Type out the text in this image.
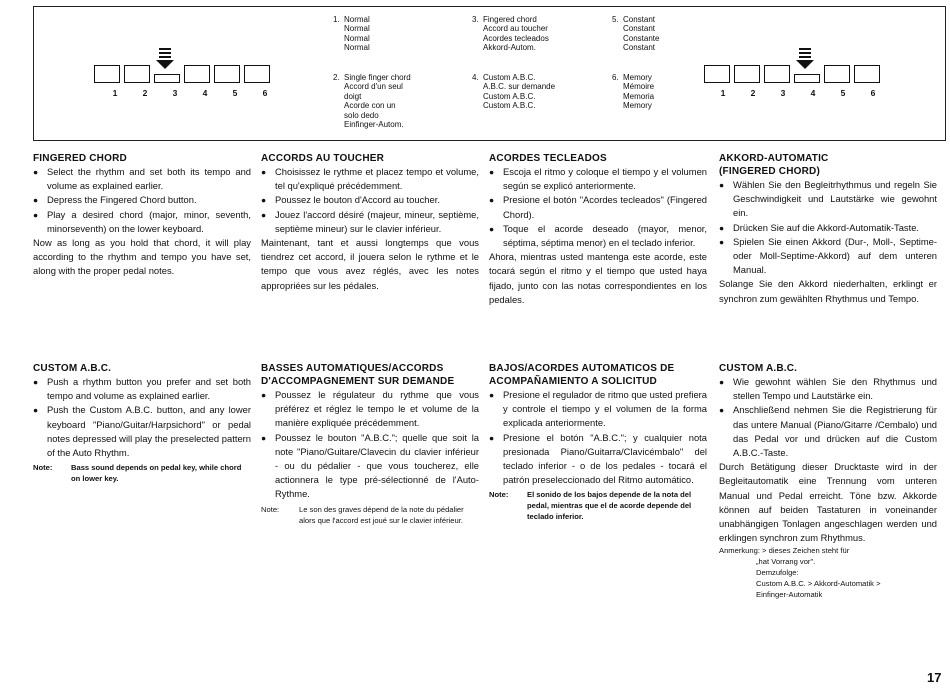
1	2	3	4	5	6	1	2	3	4	5	6
1. Normal
Normal
Normal
Normal
2. Single finger chord
Accord d'un seul
doigt
Acorde con un
solo dedo
Einfinger-Autom.
3. Fingered chord
Accord au toucher
Acordes tecleados
Akkord-Autom.
4. Custom A.B.C.
A.B.C. sur demande
Custom A.B.C.
Custom A.B.C.
5. Constant
Constant
Constante
Constant
6. Memory
Mémoire
Memoria
Memory
FINGERED CHORD
● Select the rhythm and set both its tempo and volume as explained earlier.
● Depress the Fingered Chord button.
● Play a desired chord (major, minor, seventh, minorseventh) on the lower keyboard.

Now as long as you hold that chord, it will play according to the rhythm and tempo you have set, along with the proper pedal notes.

ACCORDS AU TOUCHER
● Choisissez le rythme et placez tempo et volume, tel qu'expliqué précédemment.
● Poussez le bouton d'Accord au toucher.
● Jouez l'accord désiré (majeur, mineur, septième, septième mineur) sur le clavier inférieur.

Maintenant, tant et aussi longtemps que vous tiendrez cet accord, il jouera selon le rythme et le tempo que vous avez réglés, avec les notes appropriées sur les pédales.

ACORDES TECLEADOS
● Escoja el ritmo y coloque el tiempo y el volumen según se explicó anteriormente.
● Presione el botón "Acordes tecleados" (Fingered Chord).
● Toque el acorde deseado (mayor, menor, séptima, séptima menor) en el teclado inferior.

Ahora, mientras usted mantenga este acorde, este tocará según el ritmo y el tiempo que usted haya fijado, junto con las notas correspondientes en los pedales.

AKKORD-AUTOMATIC
(FINGERED CHORD)
● Wählen Sie den Begleitrhythmus und regeln Sie Geschwindigkeit und Lautstärke wie gewohnt ein.
● Drücken Sie auf die Akkord-Automatik-Taste.
● Spielen Sie einen Akkord (Dur-, Moll-, Septime- oder Moll-Septime-Akkord) auf dem unteren Manual.

Solange Sie den Akkord niederhalten, erklingt er synchron zum gewählten Rhythmus und Tempo.

CUSTOM A.B.C.
● Push a rhythm button you prefer and set both tempo and volume as explained earlier.
● Push the Custom A.B.C. button, and any lower keyboard "Piano/Guitar/Harpsichord" or pedal notes depressed will play the preselected pattern of the Auto Rhythm.
Note:	Bass sound depends on pedal key, while chord on lower key.
BASSES AUTOMATIQUES/ACCORDS
D'ACCOMPAGNEMENT SUR DEMANDE
● Poussez le régulateur du rythme que vous préférez et réglez le tempo le et volume de la manière expliquée précédemment.
● Poussez le bouton "A.B.C."; quelle que soit la note "Piano/Guitare/Clavecin du clavier inférieur - ou du pédalier - que vous toucherez, elle actionnera le type pré-sélectionné de l'Auto-Rythme.
Note:	Le son des graves dépend de la note du pédalier alors que l'accord est joué sur le clavier inférieur.
BAJOS/ACORDES AUTOMATICOS DE
ACOMPAÑAMIENTO A SOLICITUD
● Presione el regulador de ritmo que usted prefiera y controle el tiempo y el volumen de la forma explicada anteriormente.
● Presione el botón "A.B.C."; y cualquier nota presionada Piano/Guitarra/Clavicémbalo" del teclado inferior - o de los pedales - tocará el patrón preseleccionado del Ritmo automático.
Note:	El sonido de los bajos depende de la nota del pedal, mientras que el de acorde depende del teclado inferior.
CUSTOM A.B.C.
● Wie gewohnt wählen Sie den Rhythmus und stellen Tempo und Lautstärke ein.
● Anschließend nehmen Sie die Registrierung für das untere Manual (Piano/Gitarre /Cembalo) und das Pedal vor und drücken auf die Custom A.B.C.-Taste.

Durch Betätigung dieser Drucktaste wird in der Begleitautomatik eine Trennung vom unteren Manual und Pedal erreicht. Töne bzw. Akkorde können auf beiden Tastaturen in voneinander unabhängigen Tonlagen angeschlagen werden und erklingen synchron zum Rhythmus.

Anmerkung: > dieses Zeichen steht für
„hat Vorrang vor".
Demzufolge:
Custom A.B.C. > Akkord-Automatik >
Einfinger-Automatik
17
